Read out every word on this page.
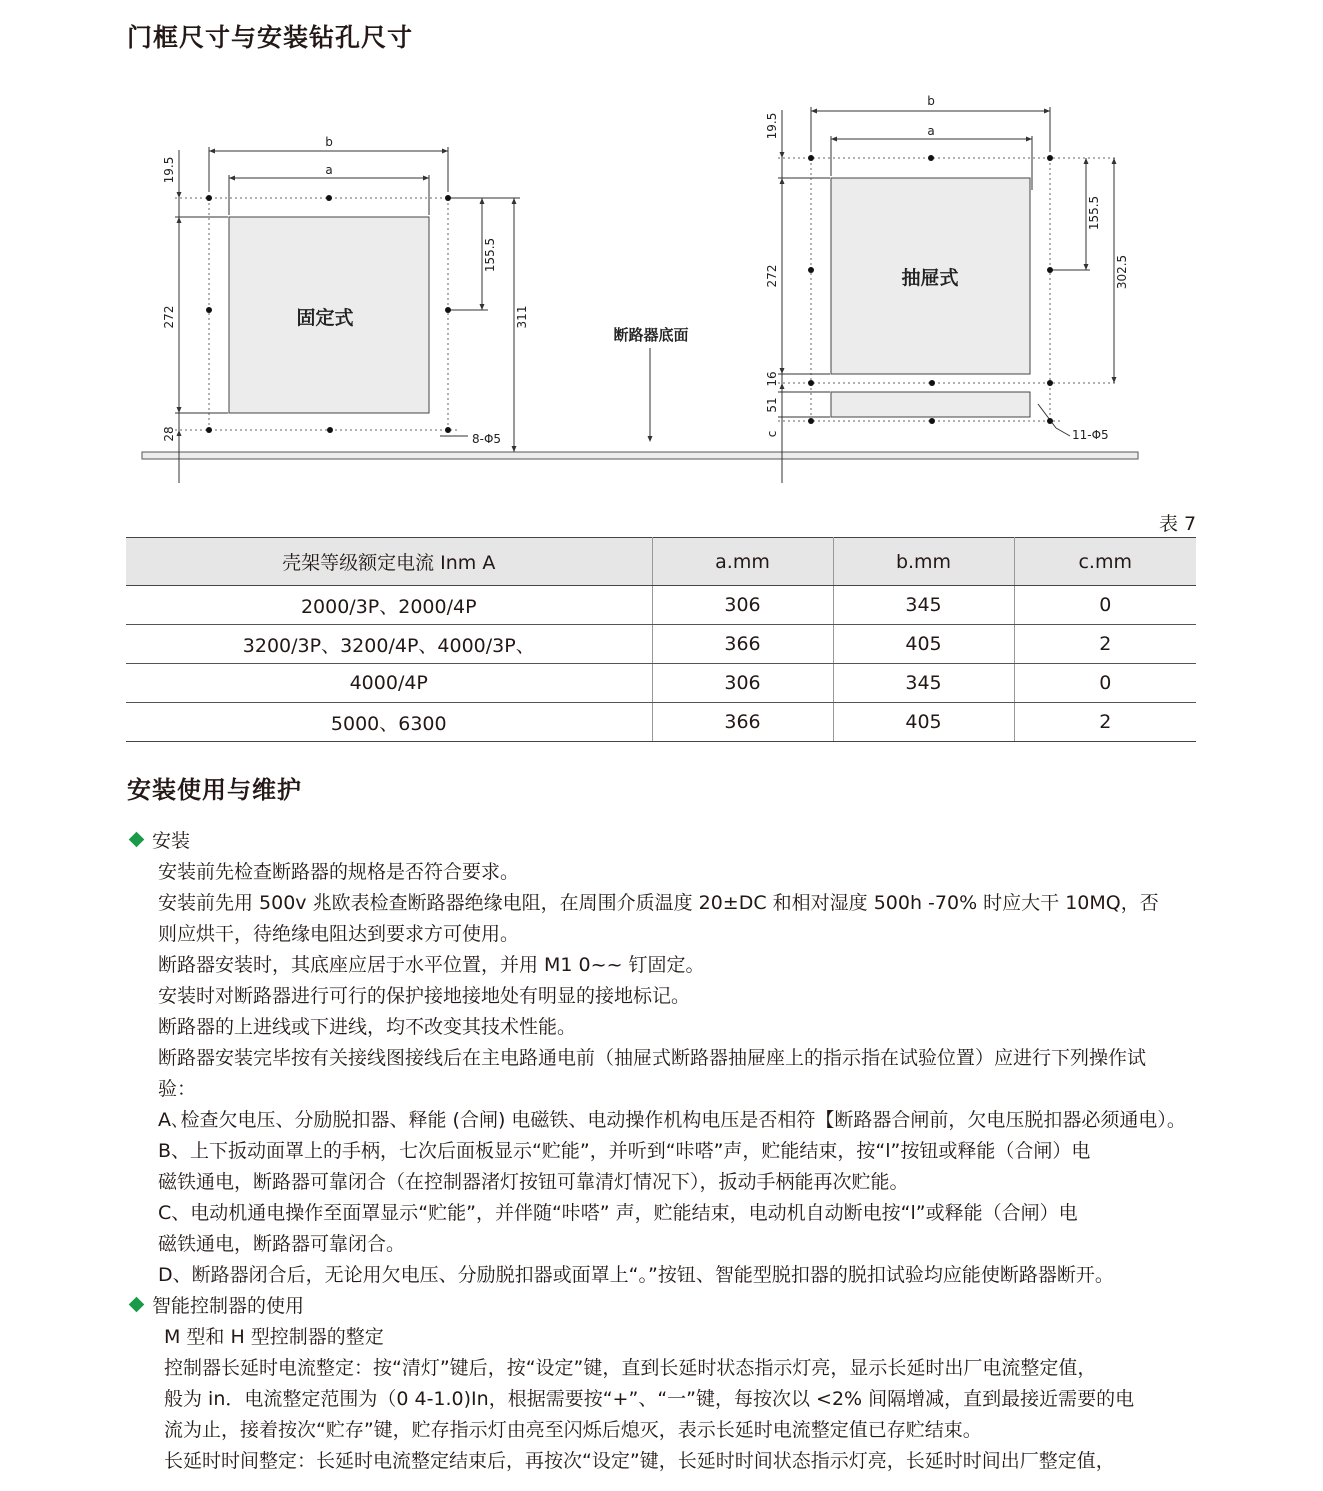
门框尺寸与安装钻孔尺寸
b
a
19.5
272
28
155.5
311
8-Φ5
b
a
19.5
272
16
51
c
155.5
302.5
11-Φ5
固定式
抽屉式
断路器底面
表 7
壳架等级额定电流 Inm A	a.mm	b.mm	c.mm
2000/3P、2000/4P	306	345	0
3200/3P、3200/4P、4000/3P、	366	405	2
4000/4P	306	345	0
5000、6300	366	405	2
安装使用与维护
安装
安装前先检查断路器的规格是否符合要求。
安装前先用 500v 兆欧表检查断路器绝缘电阻，在周围介质温度 20±DC 和相对湿度 500h -70% 时应大干 10MQ，否
则应烘干，待绝缘电阻达到要求方可使用。
断路器安装时，其底座应居于水平位置，并用 M1 0~~ 钉固定。
安装时对断路器进行可行的保护接地接地处有明显的接地标记。
断路器的上进线或下进线，均不改变其技术性能。
断路器安装完毕按有关接线图接线后在主电路通电前（抽屉式断路器抽屉座上的指示指在试验位置）应进行下列操作试
验：
A､检查欠电压、分励脱扣器、释能 (合闸) 电磁铁、电动操作机构电压是否相符【断路器合闸前，欠电压脱扣器必须通电）。
B、上下扳动面罩上的手柄，七次后面板显示“贮能”，并听到“咔嗒”声，贮能结束，按“l”按钮或释能（合闸）电
磁铁通电，断路器可靠闭合（在控制器渚灯按钮可靠清灯情况下），扳动手柄能再次贮能。
C、电动机通电操作至面罩显示“贮能”，并伴随“咔嗒” 声，贮能结束，电动机自动断电按“l”或释能（合闸）电
磁铁通电，断路器可靠闭合。
D、断路器闭合后，无论用欠电压、分励脱扣器或面罩上“。”按钮、智能型脱扣器的脱扣试验均应能使断路器断开。
智能控制器的使用
M 型和 H 型控制器的整定
控制器长延时电流整定：按“清灯”键后，按“设定”键，直到长延时状态指示灯亮，显示长延时出厂电流整定值，
般为 in．电流整定范围为（0 4-1.0)In，根据需要按“+”、“一”键，每按次以 <2% 间隔增减，直到最接近需要的电
流为止，接着按次“贮存”键，贮存指示灯由亮至闪烁后熄灭，表示长延时电流整定值已存贮结束。
长延时时间整定：长延时电流整定结束后，再按次“设定”键，长延时时间状态指示灯亮，长延时时间出厂整定值，
